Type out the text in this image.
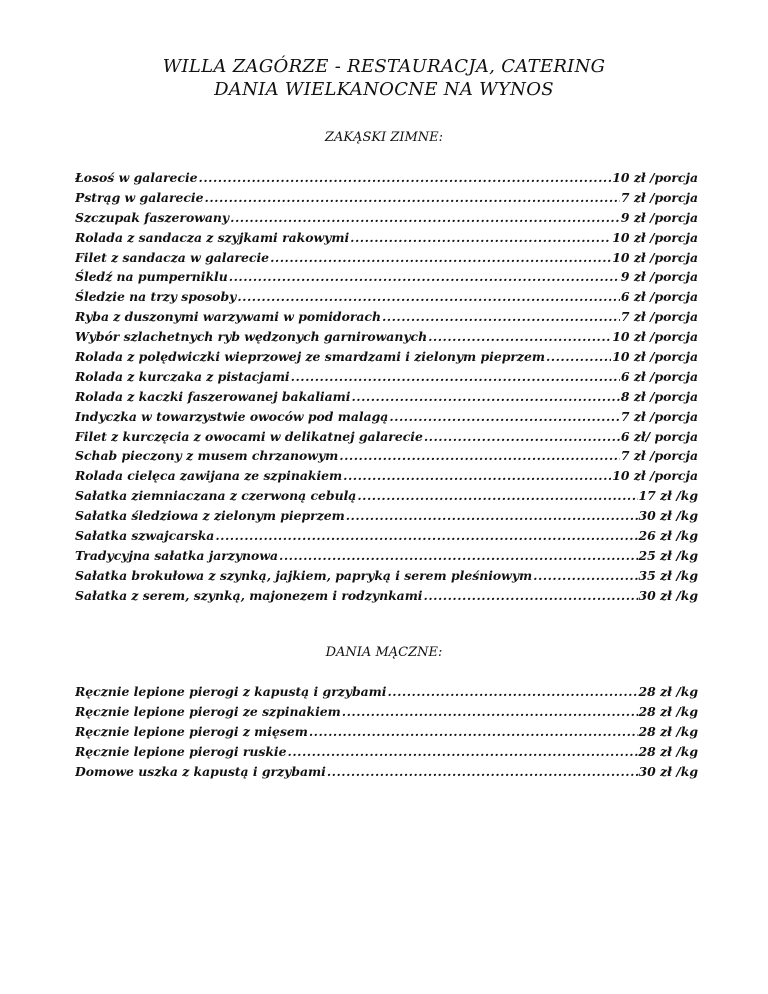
WILLA ZAGÓRZE - RESTAURACJA, CATERING
DANIA WIELKANOCNE NA WYNOS
ZAKĄSKI ZIMNE:
Łosoś w galarecie .....	10 zł /porcja
Pstrąg w galarecie .....	7 zł /porcja
Szczupak faszerowany .....	9 zł /porcja
Rolada z sandacza z szyjkami rakowymi .....	10 zł /porcja
Filet z sandacza w galarecie .....	10 zł /porcja
Śledź na pumperniklu .....	9 zł /porcja
Śledzie na trzy sposoby .....	6 zł /porcja
Ryba z duszonymi warzywami w pomidorach .....	7 zł /porcja
Wybór szlachetnych ryb wędzonych garnirowanych .....	10 zł /porcja
Rolada z polędwiczki wieprzowej ze smardzami i zielonym pieprzem .....	10 zł /porcja
Rolada z kurczaka z pistacjami .....	6 zł /porcja
Rolada z kaczki faszerowanej bakaliami .....	8 zł /porcja
Indyczka w towarzystwie owoców pod malagą .....	7 zł /porcja
Filet z kurczęcia z owocami w delikatnej galarecie .....	6 zł/ porcja
Schab pieczony z musem chrzanowym .....	7 zł /porcja
Rolada cielęca zawijana ze szpinakiem .....	10 zł /porcja
Sałatka ziemniaczana z czerwoną cebulą .....	17 zł /kg
Sałatka śledziowa z zielonym pieprzem .....	30 zł /kg
Sałatka szwajcarska .....	26 zł /kg
Tradycyjna sałatka jarzynowa .....	25 zł /kg
Sałatka brokułowa z szynką, jajkiem, papryką i serem pleśniowym .....	35 zł /kg
Sałatka z serem, szynką, majonezem i rodzynkami .....	30 zł /kg
DANIA MĄCZNE:
Ręcznie lepione pierogi z kapustą i grzybami .....	28 zł /kg
Ręcznie lepione pierogi ze szpinakiem .....	28 zł /kg
Ręcznie lepione pierogi z mięsem .....	28 zł /kg
Ręcznie lepione pierogi ruskie .....	28 zł /kg
Domowe uszka z kapustą i grzybami .....	30 zł /kg
